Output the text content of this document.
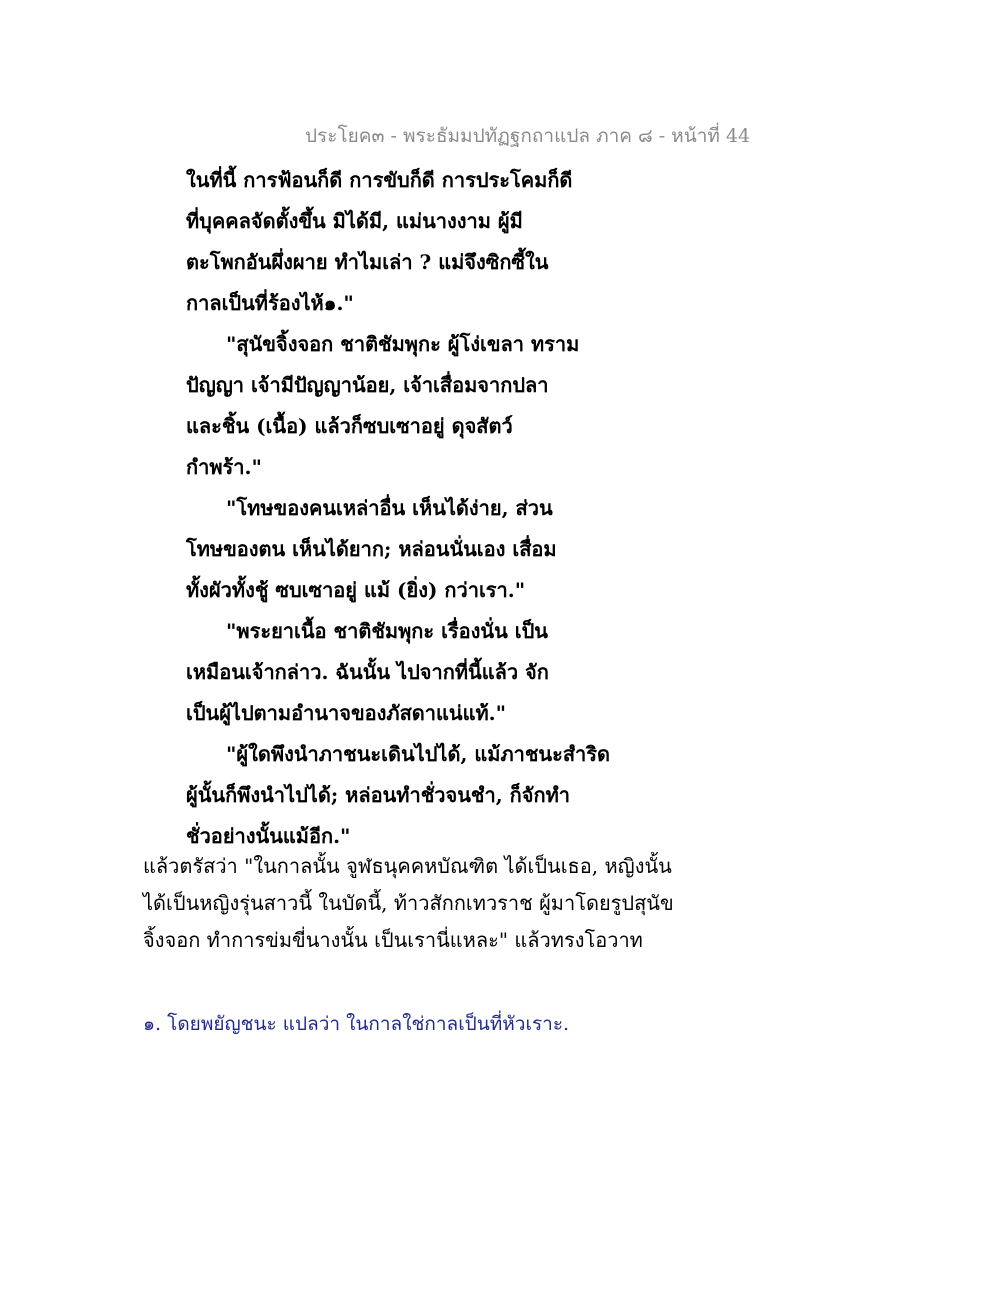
ประโยค๓ - พระธัมมปทัฏฐกถาแปล ภาค ๘ - หน้าที่ 44
ในที่นี้ การฟ้อนก็ดี การขับก็ดี การประโคมก็ดี
ที่บุคคลจัดตั้งขึ้น มิได้มี, แม่นางงาม ผู้มี
ตะโพกอันผึ่งผาย ทำไมเล่า ? แม่จึงซิกซี้ใน
กาลเป็นที่ร้องไห้๑."
"สุนัขจิ้งจอก ชาติชัมพุกะ ผู้โง่เขลา ทราม
ปัญญา เจ้ามีปัญญาน้อย, เจ้าเสื่อมจากปลา
และชิ้น (เนื้อ) แล้วก็ซบเซาอยู่ ดุจสัตว์
กำพร้า."
"โทษของคนเหล่าอื่น เห็นได้ง่าย, ส่วน
โทษของตน เห็นได้ยาก; หล่อนนั่นเอง เสื่อม
ทั้งผัวทั้งชู้ ซบเซาอยู่ แม้ (ยิ่ง) กว่าเรา."
"พระยาเนื้อ ชาติชัมพุกะ เรื่องนั่น เป็น
เหมือนเจ้ากล่าว. ฉันนั้น ไปจากที่นี้แล้ว จัก
เป็นผู้ไปตามอำนาจของภัสดาแน่แท้."
"ผู้ใดพึงนำภาชนะเดินไปได้, แม้ภาชนะสำริด
ผู้นั้นก็พึงนำไปได้; หล่อนทำชั่วจนชำ, ก็จักทำ
ชั่วอย่างนั้นแม้อีก."
แล้วตรัสว่า "ในกาลนั้น จูฬธนุคคหบัณฑิต ได้เป็นเธอ, หญิงนั้น
ได้เป็นหญิงรุ่นสาวนี้ ในบัดนี้, ท้าวสักกเทวราช ผู้มาโดยรูปสุนัข
จิ้งจอก ทำการข่มขี่นางนั้น เป็นเรานี่แหละ" แล้วทรงโอวาท
๑. โดยพยัญชนะ แปลว่า ในกาลใช่กาลเป็นที่หัวเราะ.
